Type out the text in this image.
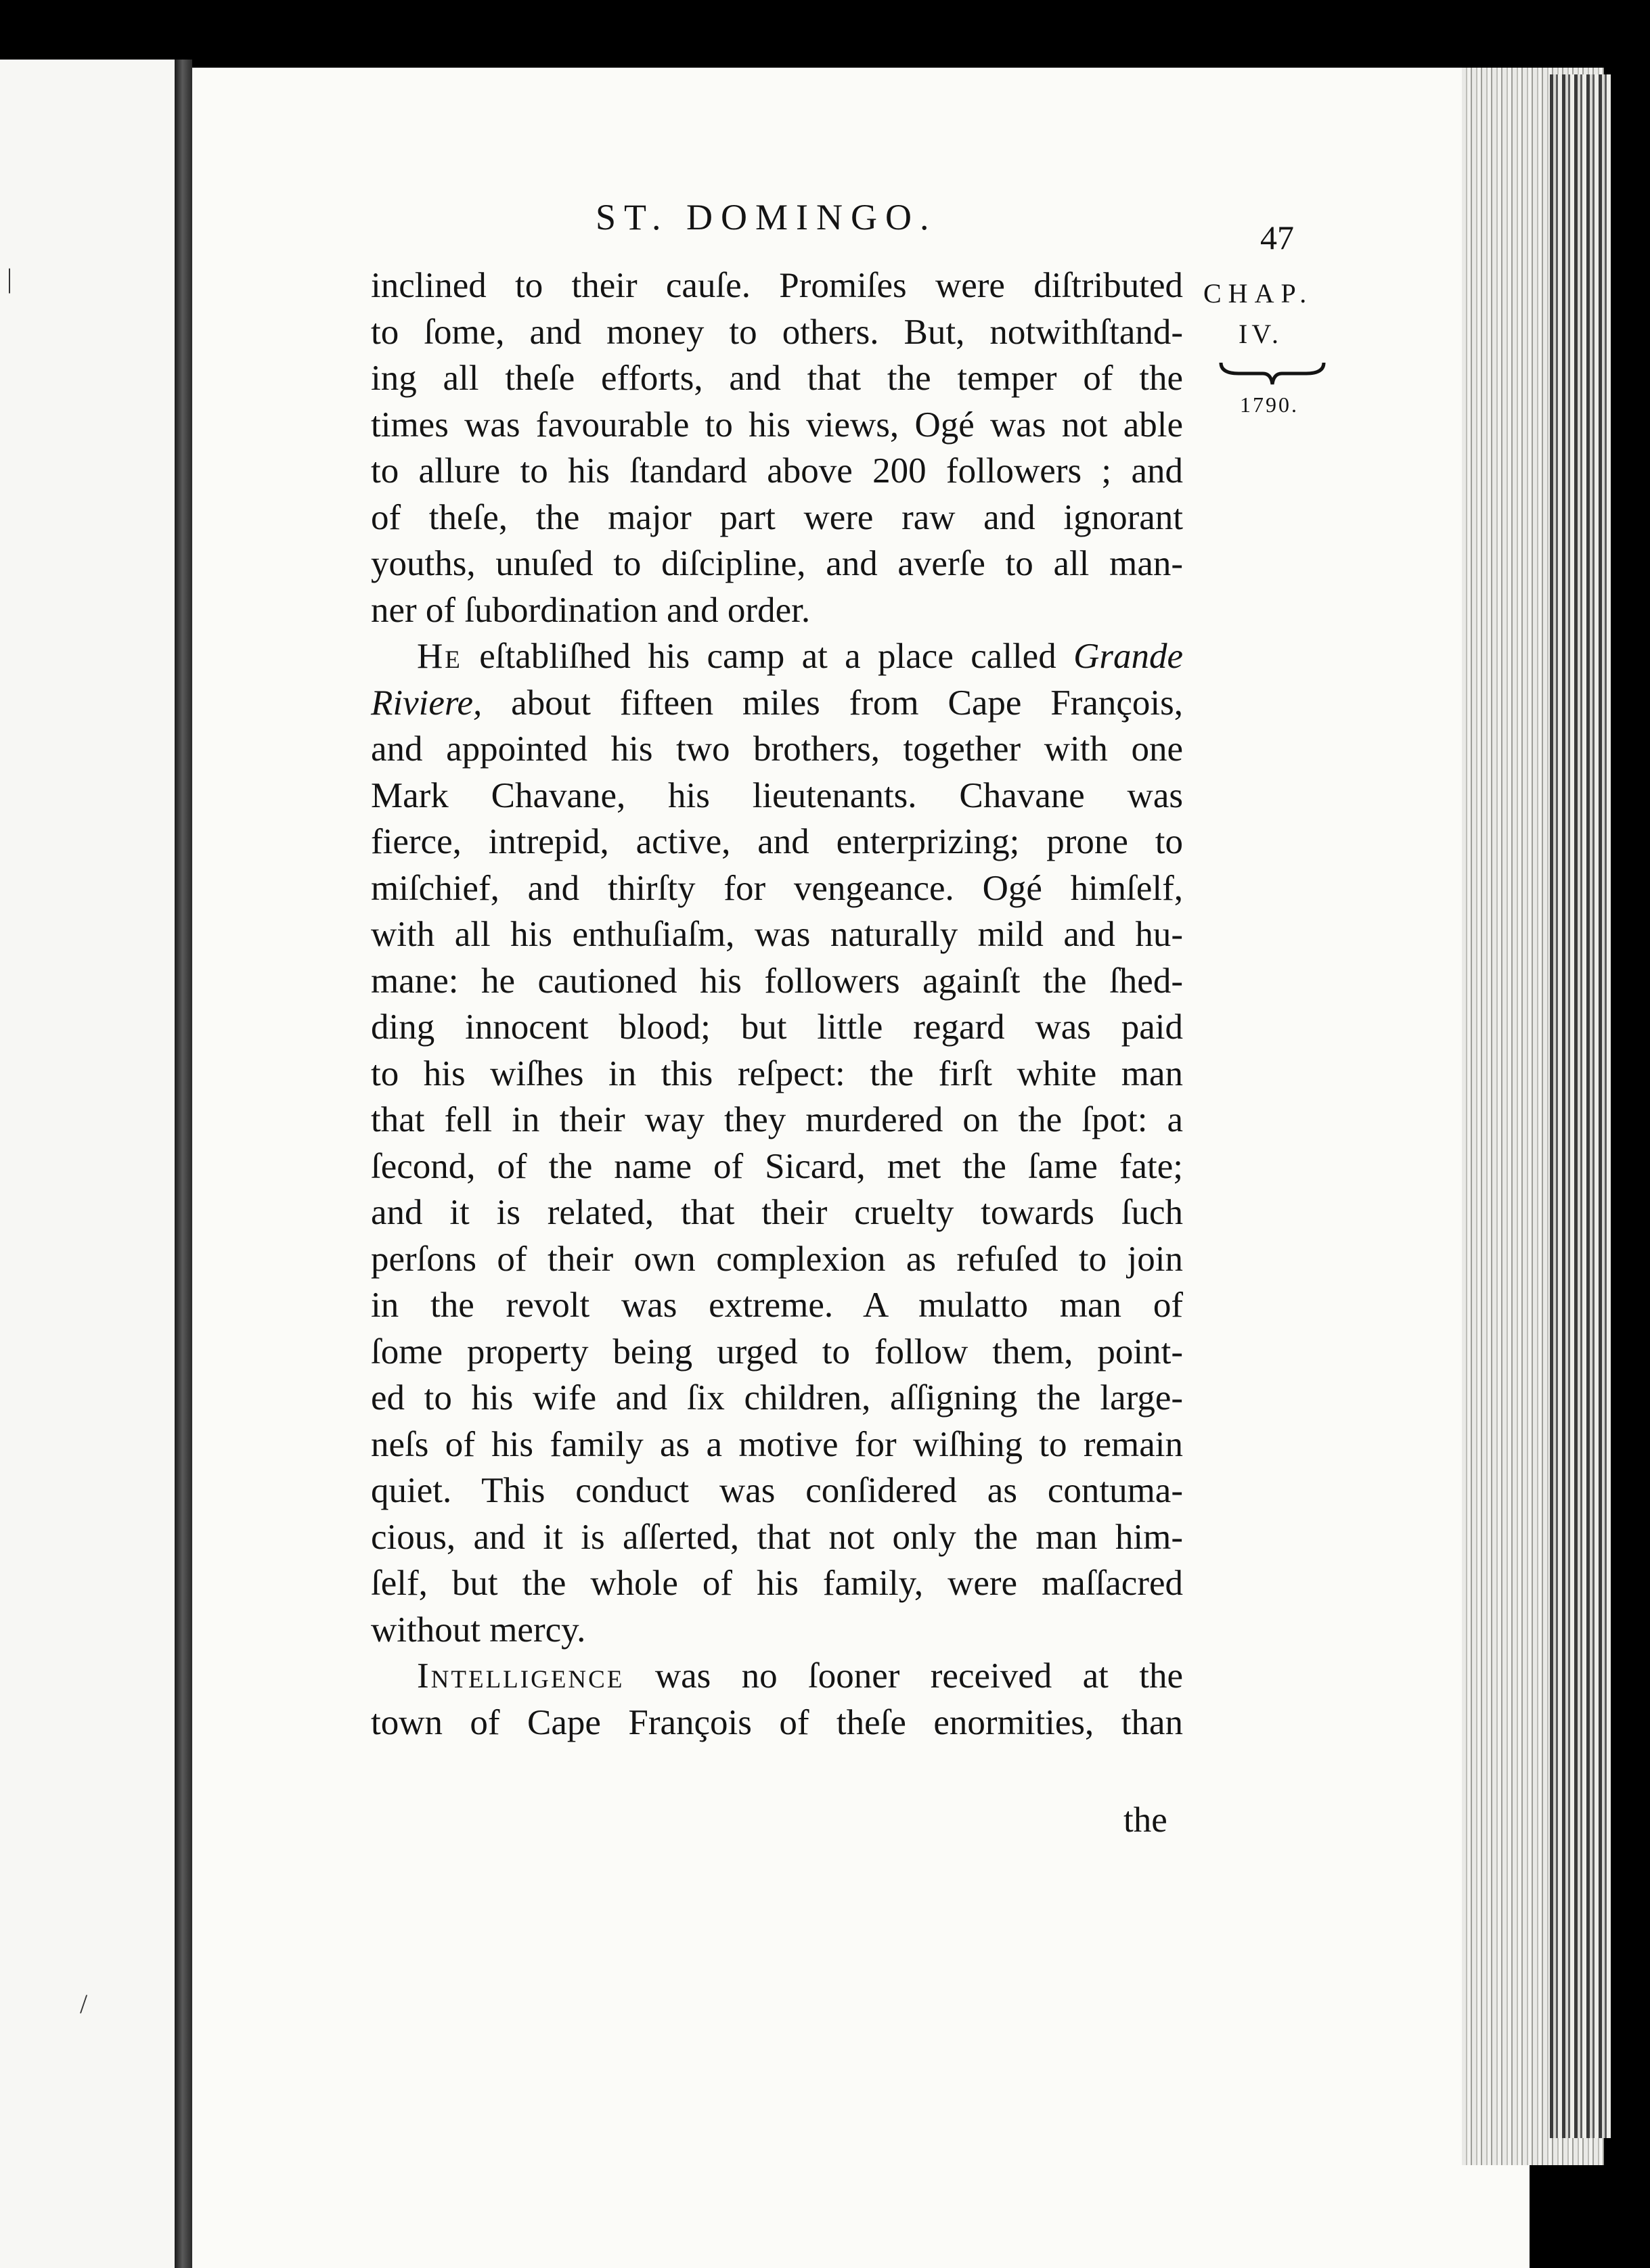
|
/
ST. DOMINGO.	47
CHAP.
IV.
1790.
inclined to their cauſe. Promiſes were diſtributed
to ſome, and money to others. But, notwithſtand-
ing all theſe efforts, and that the temper of the
times was favourable to his views, Ogé was not able
to allure to his ſtandard above 200 followers ; and
of theſe, the major part were raw and ignorant
youths, unuſed to diſcipline, and averſe to all man-
ner of ſubordination and order.
He eſtabliſhed his camp at a place called Grande
Riviere, about fifteen miles from Cape François,
and appointed his two brothers, together with one
Mark Chavane, his lieutenants. Chavane was
fierce, intrepid, active, and enterprizing; prone to
miſchief, and thirſty for vengeance. Ogé himſelf,
with all his enthuſiaſm, was naturally mild and hu-
mane: he cautioned his followers againſt the ſhed-
ding innocent blood; but little regard was paid
to his wiſhes in this reſpect: the firſt white man
that fell in their way they murdered on the ſpot: a
ſecond, of the name of Sicard, met the ſame fate;
and it is related, that their cruelty towards ſuch
perſons of their own complexion as refuſed to join
in the revolt was extreme. A mulatto man of
ſome property being urged to follow them, point-
ed to his wife and ſix children, aſſigning the large-
neſs of his family as a motive for wiſhing to remain
quiet. This conduct was conſidered as contuma-
cious, and it is aſſerted, that not only the man him-
ſelf, but the whole of his family, were maſſacred
without mercy.
Intelligence was no ſooner received at the
town of Cape François of theſe enormities, than
the
